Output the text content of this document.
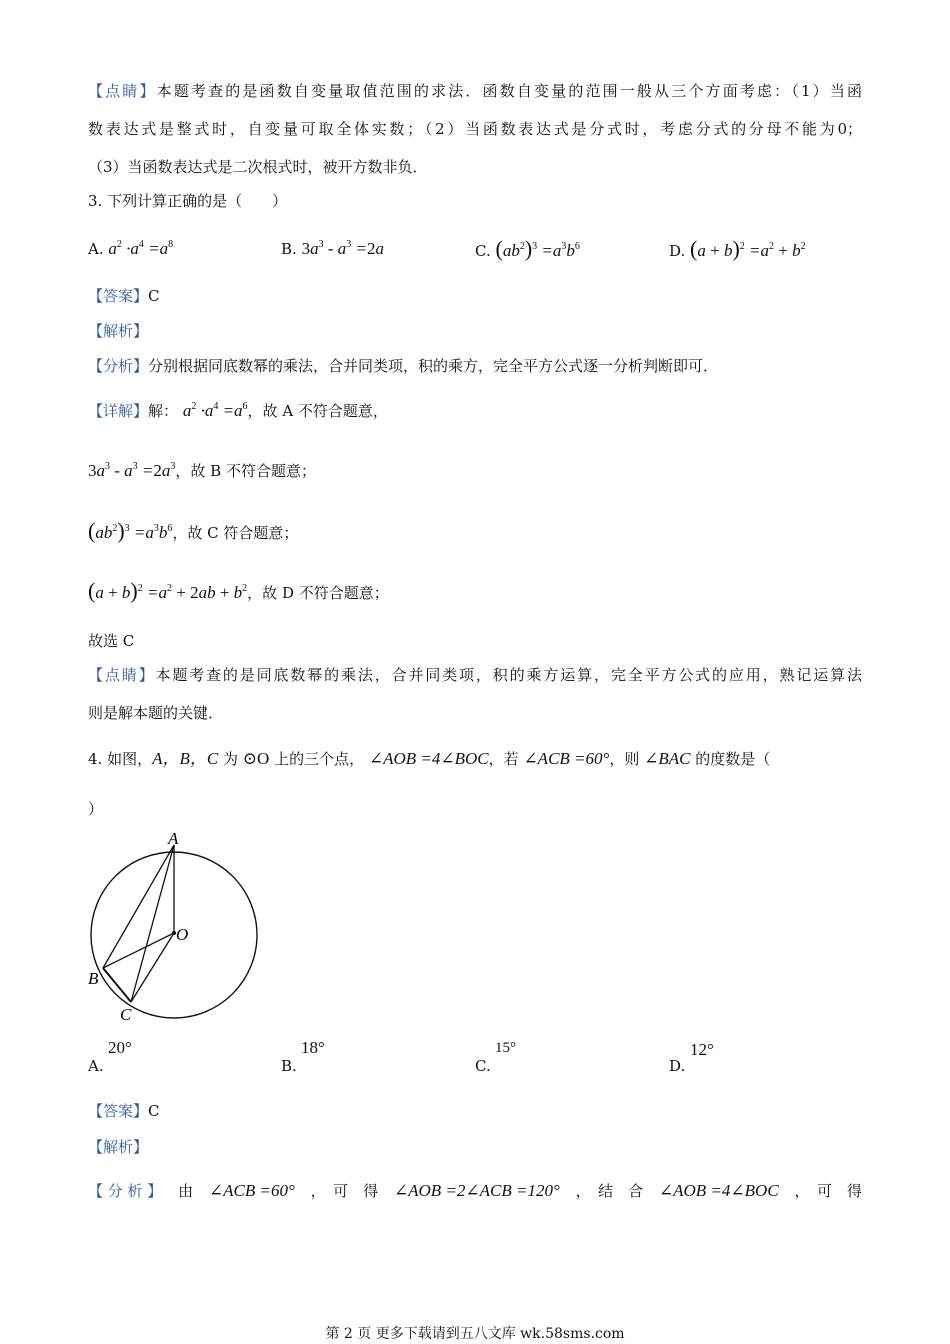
【点睛】本题考查的是函数自变量取值范围的求法．函数自变量的范围一般从三个方面考虑：（1）当函
数表达式是整式时，自变量可取全体实数；（2）当函数表达式是分式时，考虑分式的分母不能为0；
（3）当函数表达式是二次根式时，被开方数非负．
3. 下列计算正确的是（　　）
A. $a^2 \cdot a^4 =a^8$	B. $3a^3 - a^3 =2a$	C. $(ab^2)^3 =a^3b^6$	D. $(a + b)^2 =a^2 + b^2$
【答案】C
【解析】
【分析】分别根据同底数幂的乘法，合并同类项，积的乘方，完全平方公式逐一分析判断即可．
【详解】解： $a^2 \cdot a^4 =a^6$，故 A 不符合题意，
$3a^3 - a^3 =2a^3$，故 B 不符合题意；
$(ab^2)^3 =a^3b^6$，故 C 符合题意；
$(a + b)^2 =a^2 + 2ab + b^2$，故 D 不符合题意；
故选 C
【点睛】本题考查的是同底数幂的乘法，合并同类项，积的乘方运算，完全平方公式的应用，熟记运算法
则是解本题的关键．
4. 如图，A，B，C 为 ⊙O 上的三个点， ∠AOB =4∠BOC，若 ∠ACB =60°，则 ∠BAC 的度数是（
）
A
O
B
C
A.
20°
B.
18°
C.
15°
D.
12°
【答案】C
【解析】
【 分 析 】 由 ∠ACB =60° ，　可　得 ∠AOB =2∠ACB =120° ，　结　合 ∠AOB =4∠BOC ，　可　得
第 2 页 更多下载请到五八文库 wk.58sms.com
